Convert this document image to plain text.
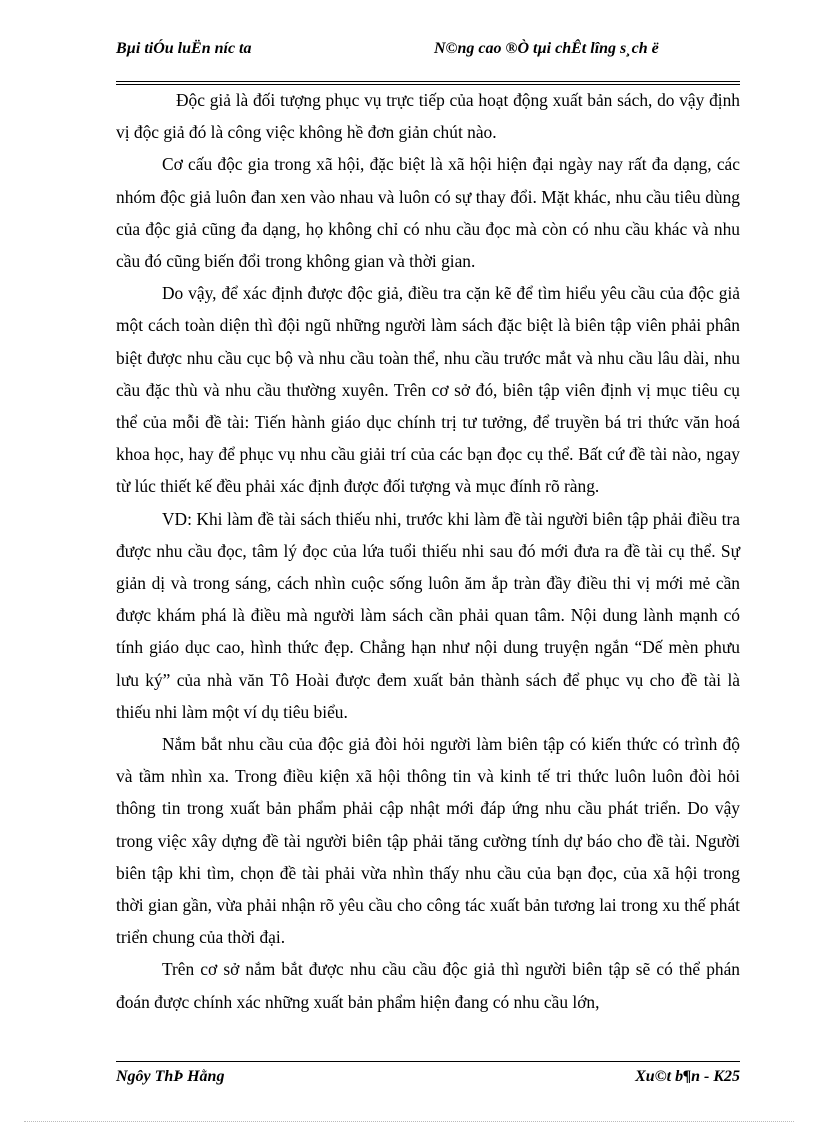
Bµi tiÓu luËn níc ta	N©ng cao ®Ò tµi chÊt lîng s¸ch ë

Độc giả là đối tượng phục vụ trực tiếp của hoạt động xuất bản sách, do vậy định vị độc giả đó là công việc không hề đơn giản chút nào.

Cơ cấu độc gia trong xã hội, đặc biệt là xã hội hiện đại ngày nay rất đa dạng, các nhóm độc giả luôn đan xen vào nhau và luôn có sự thay đổi. Mặt khác, nhu cầu tiêu dùng của độc giả cũng đa dạng, họ không chỉ có nhu cầu đọc mà còn có nhu cầu khác và nhu cầu đó cũng biến đổi trong không gian và thời gian.

Do vậy, để xác định được độc giả, điều tra cặn kẽ để tìm hiểu yêu cầu của độc giả một cách toàn diện thì đội ngũ những người làm sách đặc biệt là biên tập viên phải phân biệt được nhu cầu cục bộ và nhu cầu toàn thể, nhu cầu trước mắt và nhu cầu lâu dài, nhu cầu đặc thù và nhu cầu thường xuyên. Trên cơ sở đó, biên tập viên định vị mục tiêu cụ thể của mỗi đề tài: Tiến hành giáo dục chính trị tư tưởng, để truyền bá tri thức văn hoá khoa học, hay để phục vụ nhu cầu giải trí của các bạn đọc cụ thể. Bất cứ đề tài nào, ngay từ lúc thiết kế đều phải xác định được đối tượng và mục đính rõ ràng.

VD: Khi làm đề tài sách thiếu nhi, trước khi làm đề tài người biên tập phải điều tra được nhu cầu đọc, tâm lý đọc của lứa tuổi thiếu nhi sau đó mới đưa ra đề tài cụ thể. Sự giản dị và trong sáng, cách nhìn cuộc sống luôn ăm ắp tràn đầy điều thi vị mới mẻ cần được khám phá là điều mà người làm sách cần phải quan tâm. Nội dung lành mạnh có tính giáo dục cao, hình thức đẹp. Chẳng hạn như nội dung truyện ngắn “Dế mèn phưu lưu ký” của nhà văn Tô Hoài được đem xuất bản thành sách để phục vụ cho đề tài là thiếu nhi làm một ví dụ tiêu biểu.

Nắm bắt nhu cầu của độc giả đòi hỏi người làm biên tập có kiến thức có trình độ và tầm nhìn xa. Trong điều kiện xã hội thông tin và kinh tế tri thức luôn luôn đòi hỏi thông tin trong xuất bản phẩm phải cập nhật mới đáp ứng nhu cầu phát triển. Do vậy trong việc xây dựng đề tài người biên tập phải tăng cường tính dự báo cho đề tài. Người biên tập khi tìm, chọn đề tài phải vừa nhìn thấy nhu cầu của bạn đọc, của xã hội trong thời gian gần, vừa phải nhận rõ yêu cầu cho công tác xuất bản tương lai trong xu thế phát triển chung của thời đại.

Trên cơ sở nắm bắt được nhu cầu cầu độc giả thì người biên tập sẽ có thể phán đoán được chính xác những xuất bản phẩm hiện đang có nhu cầu lớn,

Ngôy ThÞ Hằng	Xu©t b¶n - K25
